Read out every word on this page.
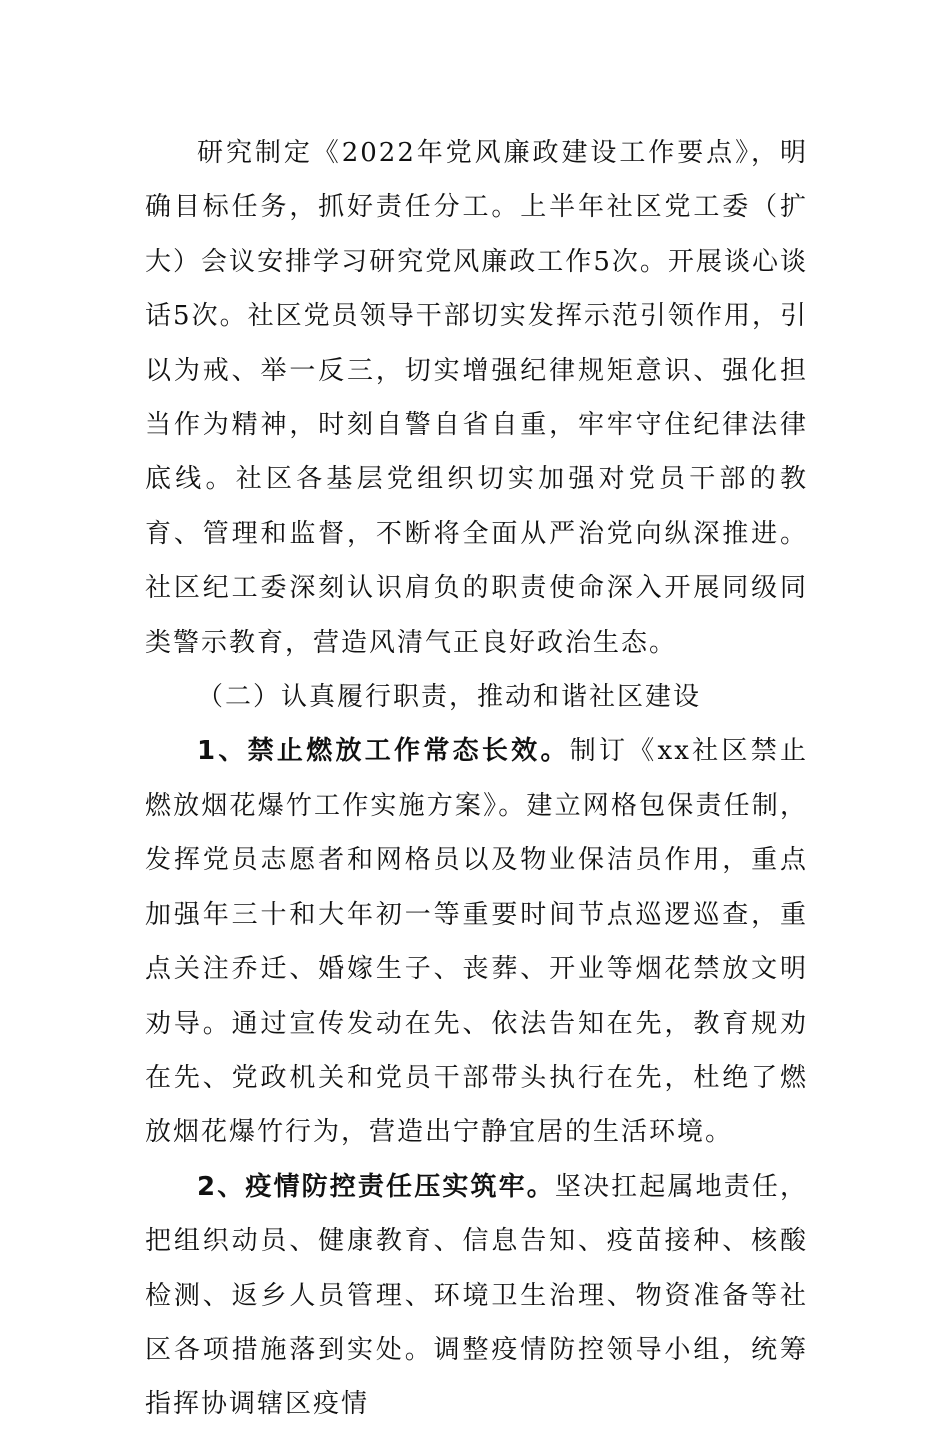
研究制定《2022年党风廉政建设工作要点》，明确目标任务，抓好责任分工。上半年社区党工委（扩大）会议安排学习研究党风廉政工作5次。开展谈心谈话5次。社区党员领导干部切实发挥示范引领作用，引以为戒、举一反三，切实增强纪律规矩意识、强化担当作为精神，时刻自警自省自重，牢牢守住纪律法律底线。社区各基层党组织切实加强对党员干部的教育、管理和监督，不断将全面从严治党向纵深推进。社区纪工委深刻认识肩负的职责使命深入开展同级同类警示教育，营造风清气正良好政治生态。

（二）认真履行职责，推动和谐社区建设

1、禁止燃放工作常态长效。制订《xx社区禁止燃放烟花爆竹工作实施方案》。建立网格包保责任制，发挥党员志愿者和网格员以及物业保洁员作用，重点加强年三十和大年初一等重要时间节点巡逻巡查，重点关注乔迁、婚嫁生子、丧葬、开业等烟花禁放文明劝导。通过宣传发动在先、依法告知在先，教育规劝在先、党政机关和党员干部带头执行在先，杜绝了燃放烟花爆竹行为，营造出宁静宜居的生活环境。

2、疫情防控责任压实筑牢。坚决扛起属地责任，把组织动员、健康教育、信息告知、疫苗接种、核酸检测、返乡人员管理、环境卫生治理、物资准备等社区各项措施落到实处。调整疫情防控领导小组，统筹指挥协调辖区疫情
